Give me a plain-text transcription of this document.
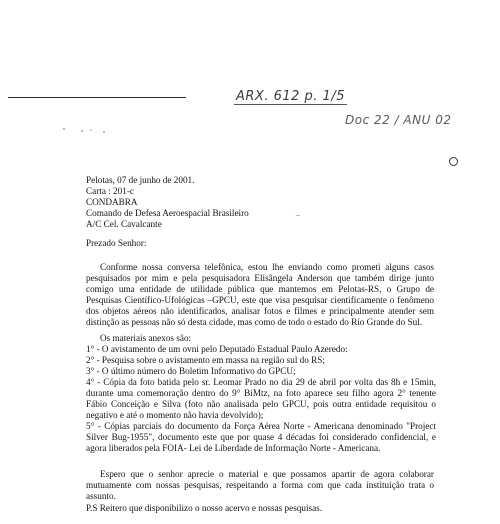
ARX. 612 p. 1/5
Doc 22 / ANU 02
–
Pelotas, 07 de junho de 2001.
Carta : 201-c
CONDABRA
Comando de Defesa Aeroespacial Brasileiro
A/C Cel. Cavalcante
Prezado Senhor:

Conforme nossa conversa telefônica, estou lhe enviando como prometi alguns casos pesquisados por mim e pela pesquisadora Elisângela Anderson que também dirige junto comigo uma entidade de utilidade pública que mantemos em Pelotas-RS, o Grupo de Pesquisas Científico-Ufológicas –GPCU, este que visa pesquisar cientificamente o fenômeno dos objetos aéreos não identificados, analisar fotos e filmes e principalmente atender sem distinção as pessoas não só desta cidade, mas como de todo o estado do Rio Grande do Sul.

Os materiais anexos são:
1° - O avistamento de um ovni pelo Deputado Estadual Paulo Azeredo:
2° - Pesquisa sobre o avistamento em massa na região sul do RS;
3° - O último número do Boletim Informativo do GPCU;
4° - Cópia da foto batida pelo sr. Leomar Prado no dia 29 de abril por volta das 8h e 15min, durante uma comemoração dentro do 9° BiMtz, na foto aparece seu filho agora 2° tenente Fábio Conceição e Silva (foto não analisada pelo GPCU, pois outra entidade requisitou o negativo e até o momento não havia devolvido);
5° - Cópias parciais do documento da Força Aérea Norte - Americana denominado "Project Silver Bug-1955", documento este que por quase 4 décadas foi considerado confidencial, e agora liberados pela FOIA- Lei de Liberdade de Informação Norte - Americana.

Espero que o senhor aprecie o material e que possamos apartir de agora colaborar mutuamente com nossas pesquisas, respeitando a forma com que cada instituição trata o assunto.

P.S Reitero que disponibilizo o nosso acervo e nossas pesquisas.
